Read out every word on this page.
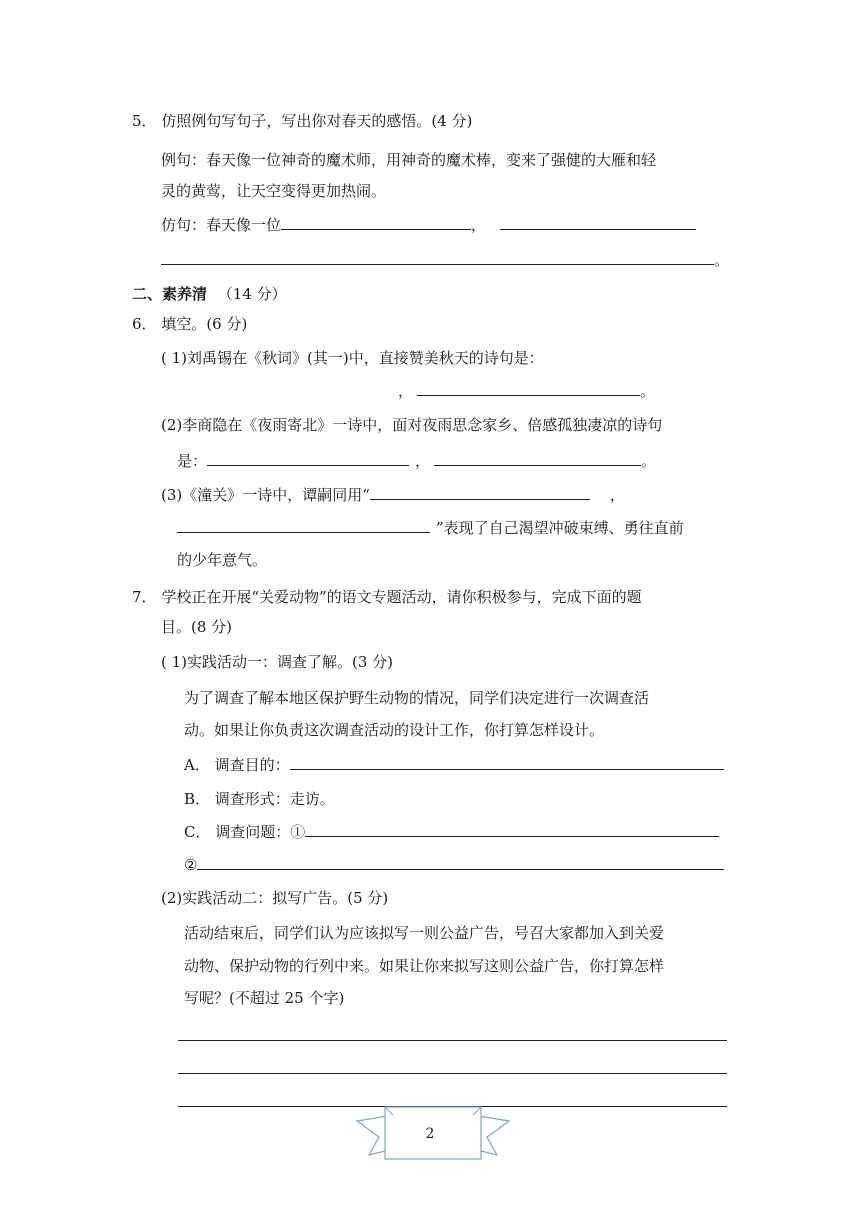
5． 仿照例句写句子，写出你对春天的感悟。(4 分)
例句：春天像一位神奇的魔术师，用神奇的魔术棒，变来了强健的大雁和轻
灵的黄莺，让天空变得更加热闹。
仿句：春天像一位	，
。
二、素养清 （14 分）
6． 填空。(6 分)
( 1)刘禹锡在《秋词》(其一)中，直接赞美秋天的诗句是：
，	。
(2)李商隐在《夜雨寄北》一诗中，面对夜雨思念家乡、倍感孤独凄凉的诗句
是：	，	。
(3)《潼关》一诗中，谭嗣同用“	，
”表现了自己渴望冲破束缚、勇往直前
的少年意气。
7． 学校正在开展“关爱动物”的语文专题活动，请你积极参与，完成下面的题
目。(8 分)
( 1)实践活动一：调查了解。(3 分)
为了调查了解本地区保护野生动物的情况，同学们决定进行一次调查活
动。如果让你负责这次调查活动的设计工作，你打算怎样设计。
A． 调查目的：
B． 调查形式：走访。
C． 调查问题：①
②
(2)实践活动二：拟写广告。(5 分)
活动结束后，同学们认为应该拟写一则公益广告，号召大家都加入到关爱
动物、保护动物的行列中来。如果让你来拟写这则公益广告，你打算怎样
写呢？(不超过 25 个字)
2
